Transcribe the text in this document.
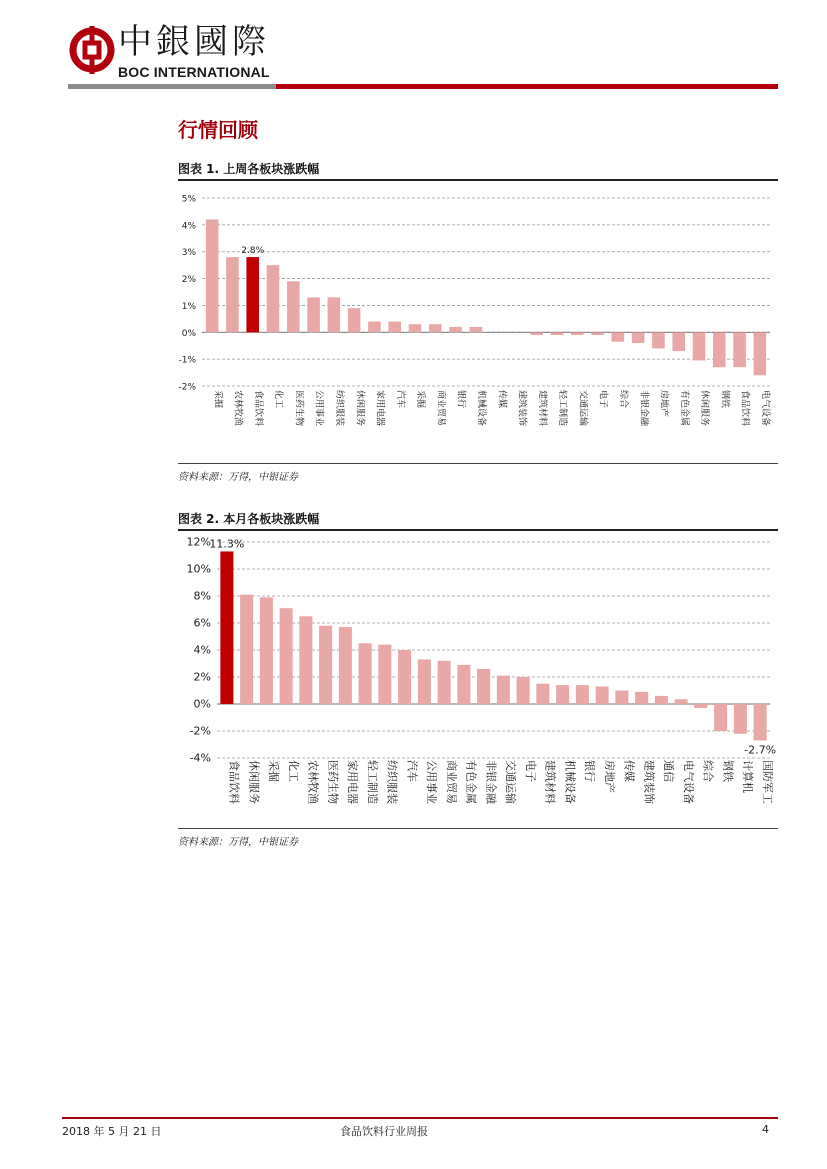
中銀國際
BOC INTERNATIONAL
行情回顾
图表 1. 上周各板块涨跌幅
5%
4%
3%
2%
1%
0%
-1%
-2%
采掘 农林牧渔 食品饮料 化工 医药生物 公用事业 纺织服装 休闲服务 家用电器 汽车 采掘 商业贸易 银行 机械设备 传媒 建筑装饰 建筑材料 轻工制造 交通运输 电子 综合 非银金融 房地产 有色金属 休闲服务 钢铁 食品饮料 电气设备
2.8%
资料来源：万得，中银证券
图表 2. 本月各板块涨跌幅
12%
10%
8%
6%
4%
2%
0%
-2%
-4%
食品饮料 休闲服务 采掘 化工 农林牧渔 医药生物 家用电器 轻工制造 纺织服装 汽车 公用事业 商业贸易 有色金属 非银金融 交通运输 电子 建筑材料 机械设备 银行 房地产 传媒 建筑装饰 通信 电气设备 综合 钢铁 计算机 国防军工
11.3%
-2.7%
资料来源：万得，中银证券
2018 年 5 月 21 日	食品饮料行业周报	4
